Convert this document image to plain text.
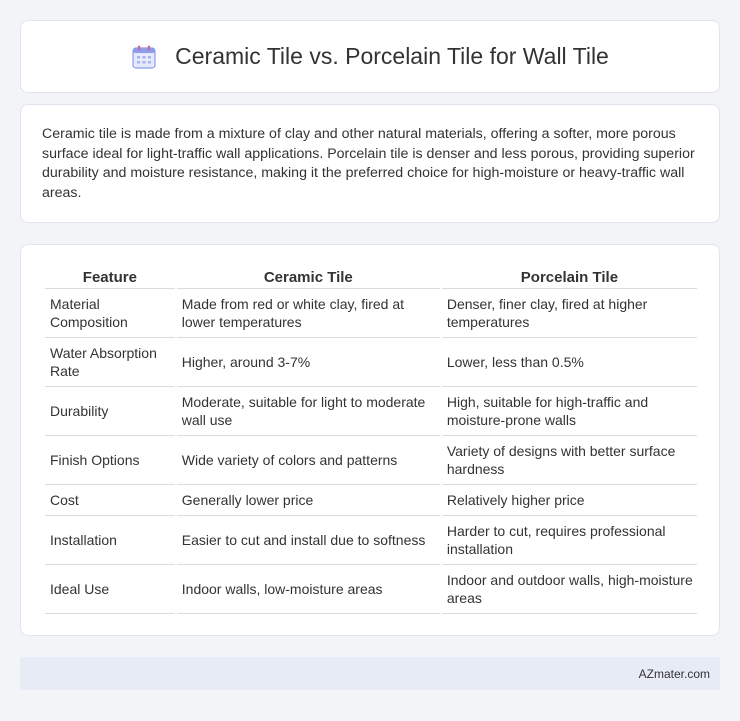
Ceramic Tile vs. Porcelain Tile for Wall Tile

Ceramic tile is made from a mixture of clay and other natural materials, offering a softer, more porous surface ideal for light-traffic wall applications. Porcelain tile is denser and less porous, providing superior durability and moisture resistance, making it the preferred choice for high-moisture or heavy-traffic wall areas.

Feature	Ceramic Tile	Porcelain Tile
Material Composition	Made from red or white clay, fired at lower temperatures	Denser, finer clay, fired at higher temperatures
Water Absorption Rate	Higher, around 3-7%	Lower, less than 0.5%
Durability	Moderate, suitable for light to moderate wall use	High, suitable for high-traffic and moisture-prone walls
Finish Options	Wide variety of colors and patterns	Variety of designs with better surface hardness
Cost	Generally lower price	Relatively higher price
Installation	Easier to cut and install due to softness	Harder to cut, requires professional installation
Ideal Use	Indoor walls, low-moisture areas	Indoor and outdoor walls, high-moisture areas
AZmater.com
